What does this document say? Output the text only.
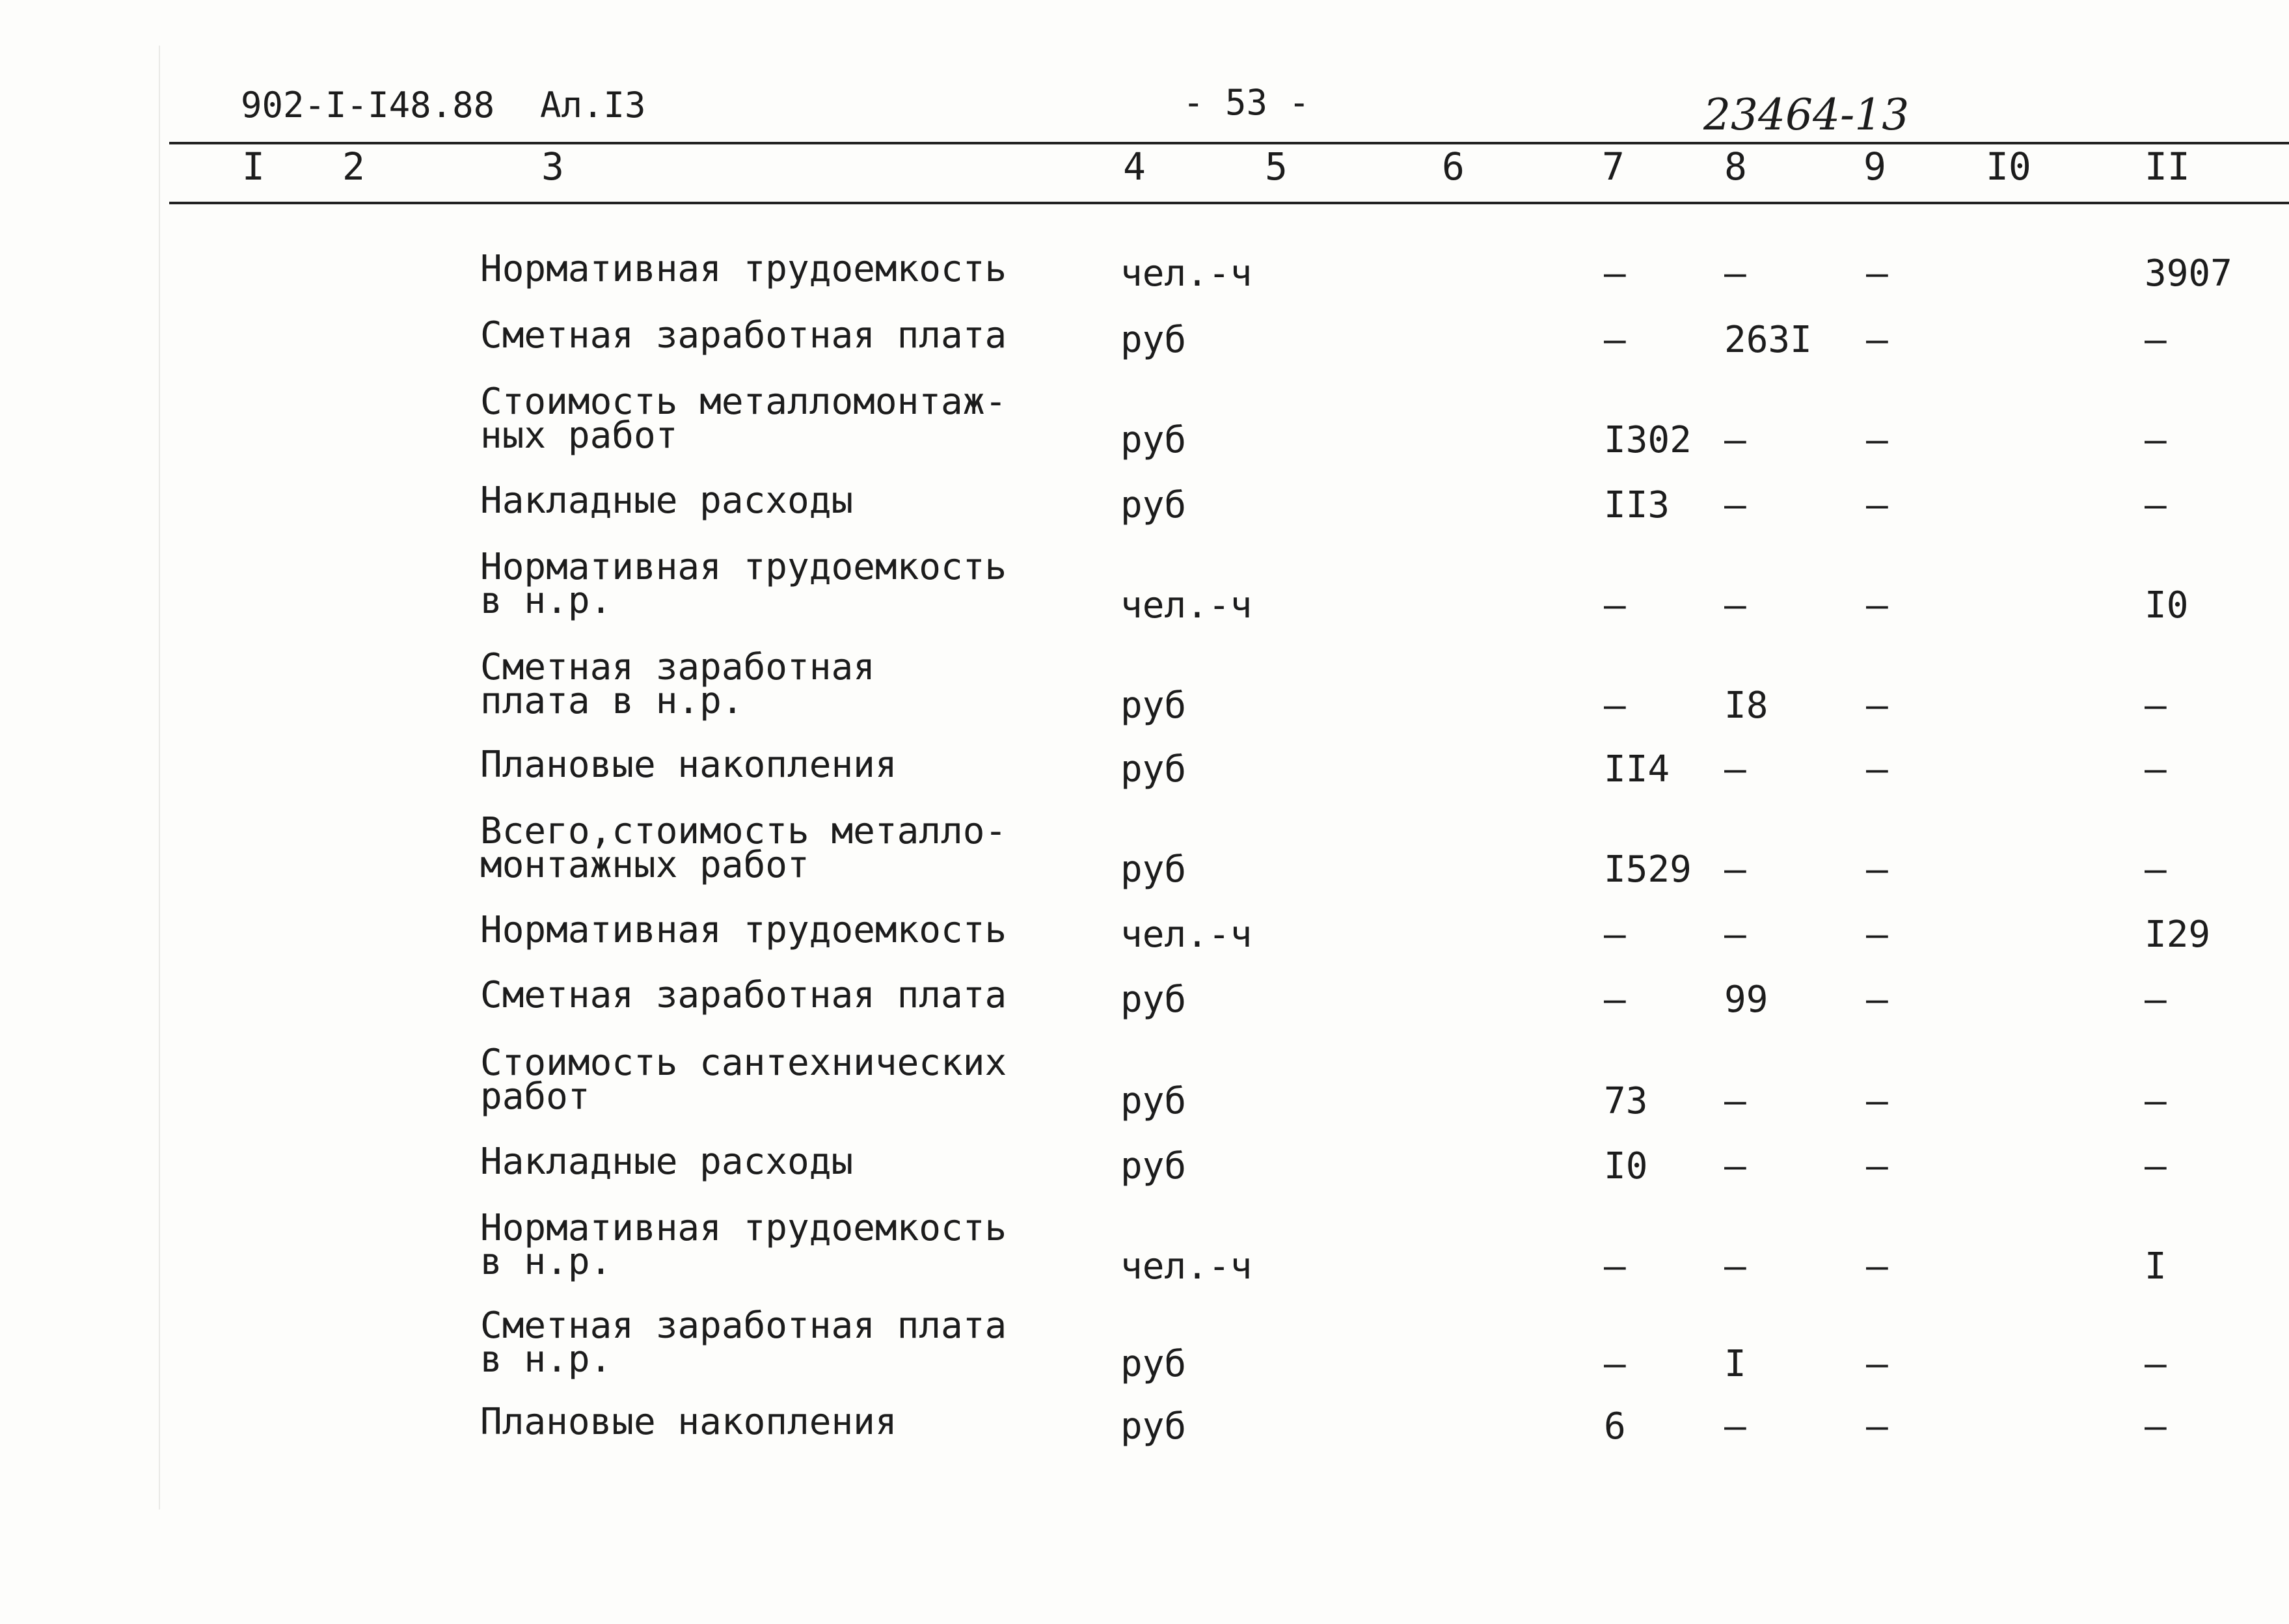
902-I-I48.88 Ал.I3	- 53 -	23464-13
I 2	3	4	5	6	7	8	9	I0	II
Нормативная трудоемкость	чел.-ч	–	–	–	3907
Сметная заработная плата	руб	–	263I –	–
Стоимость металломонтаж-
ных работ	руб	I302 –	–	–
Накладные расходы	руб	II3 –	–	–
Нормативная трудоемкость
в н.р.	чел.-ч	–	–	–	I0
Сметная заработная
плата в н.р.	руб	–	I8	–	–
Плановые накопления	руб	II4 –	–	–
Всего,стоимость металло-
монтажных работ	руб	I529 –	–	–
Нормативная трудоемкость	чел.-ч	–	–	–	I29
Сметная заработная плата	руб	–	99	–	–
Стоимость сантехнических
работ	руб	73 –	–	–
Накладные расходы	руб	I0 –	–	–
Нормативная трудоемкость
в н.р.	чел.-ч	–	–	–	I
Сметная заработная плата
в н.р.	руб	–	I	–	–
Плановые накопления	руб	6	–	–	–
